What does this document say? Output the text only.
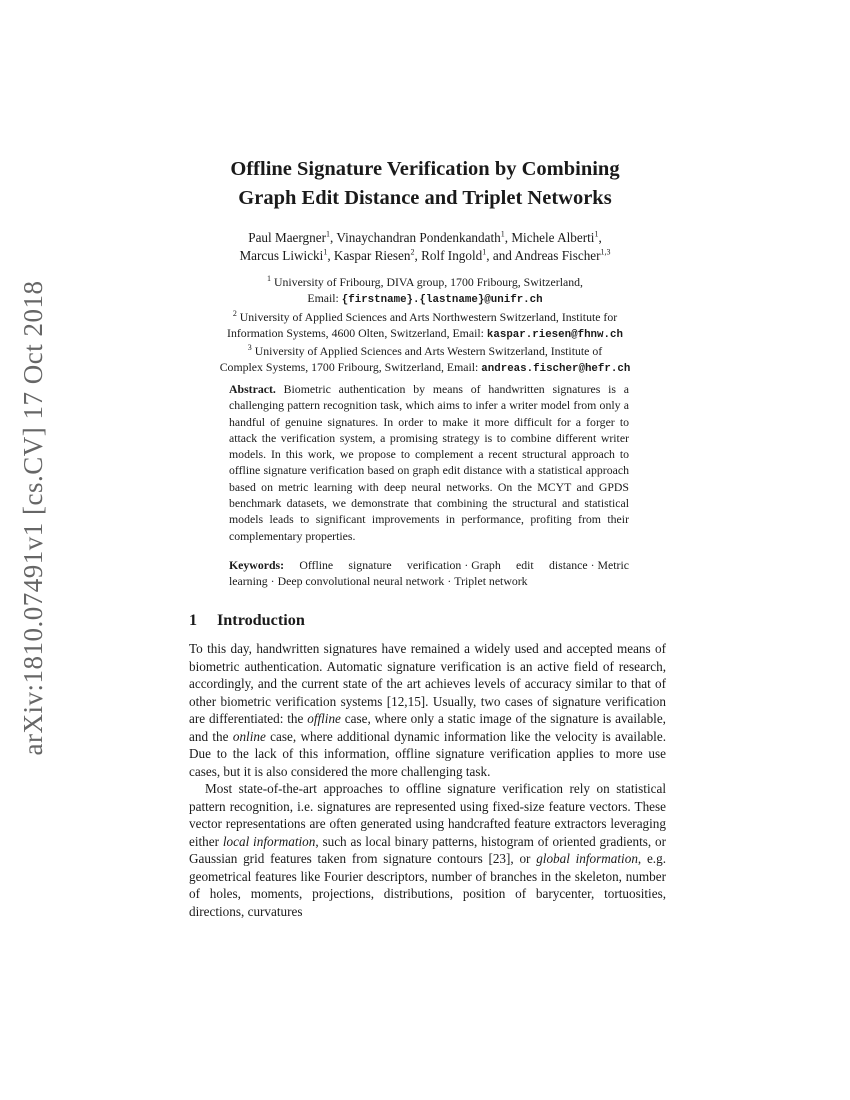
arXiv:1810.07491v1 [cs.CV] 17 Oct 2018
Offline Signature Verification by Combining
Graph Edit Distance and Triplet Networks
Paul Maergner$^1$, Vinaychandran Pondenkandath$^1$, Michele Alberti$^1$,
Marcus Liwicki$^1$, Kaspar Riesen$^2$, Rolf Ingold$^1$, and Andreas Fischer$^{1,3}$
$^1$ University of Fribourg, DIVA group, 1700 Fribourg, Switzerland,
Email: {firstname}.{lastname}@unifr.ch
$^2$ University of Applied Sciences and Arts Northwestern Switzerland, Institute for
Information Systems, 4600 Olten, Switzerland, Email: kaspar.riesen@fhnw.ch
$^3$ University of Applied Sciences and Arts Western Switzerland, Institute of
Complex Systems, 1700 Fribourg, Switzerland, Email: andreas.fischer@hefr.ch

Abstract. Biometric authentication by means of handwritten signatures is a challenging pattern recognition task, which aims to infer a writer model from only a handful of genuine signatures. In order to make it more difficult for a forger to attack the verification system, a promising strategy is to combine different writer models. In this work, we propose to complement a recent structural approach to offline signature verification based on graph edit distance with a statistical approach based on metric learning with deep neural networks. On the MCYT and GPDS benchmark datasets, we demonstrate that combining the structural and statistical models leads to significant improvements in performance, profiting from their complementary properties.

Keywords: Offline signature verification · Graph edit distance · Metric learning · Deep convolutional neural network · Triplet network

1 Introduction

To this day, handwritten signatures have remained a widely used and accepted means of biometric authentication. Automatic signature verification is an active field of research, accordingly, and the current state of the art achieves levels of accuracy similar to that of other biometric verification systems [12,15]. Usually, two cases of signature verification are differentiated: the offline case, where only a static image of the signature is available, and the online case, where additional dynamic information like the velocity is available. Due to the lack of this information, offline signature verification applies to more use cases, but it is also considered the more challenging task.

Most state-of-the-art approaches to offline signature verification rely on statistical pattern recognition, i.e. signatures are represented using fixed-size feature vectors. These vector representations are often generated using handcrafted feature extractors leveraging either local information, such as local binary patterns, histogram of oriented gradients, or Gaussian grid features taken from signature contours [23], or global information, e.g. geometrical features like Fourier descriptors, number of branches in the skeleton, number of holes, moments, projections, distributions, position of barycenter, tortuosities, directions, curvatures
